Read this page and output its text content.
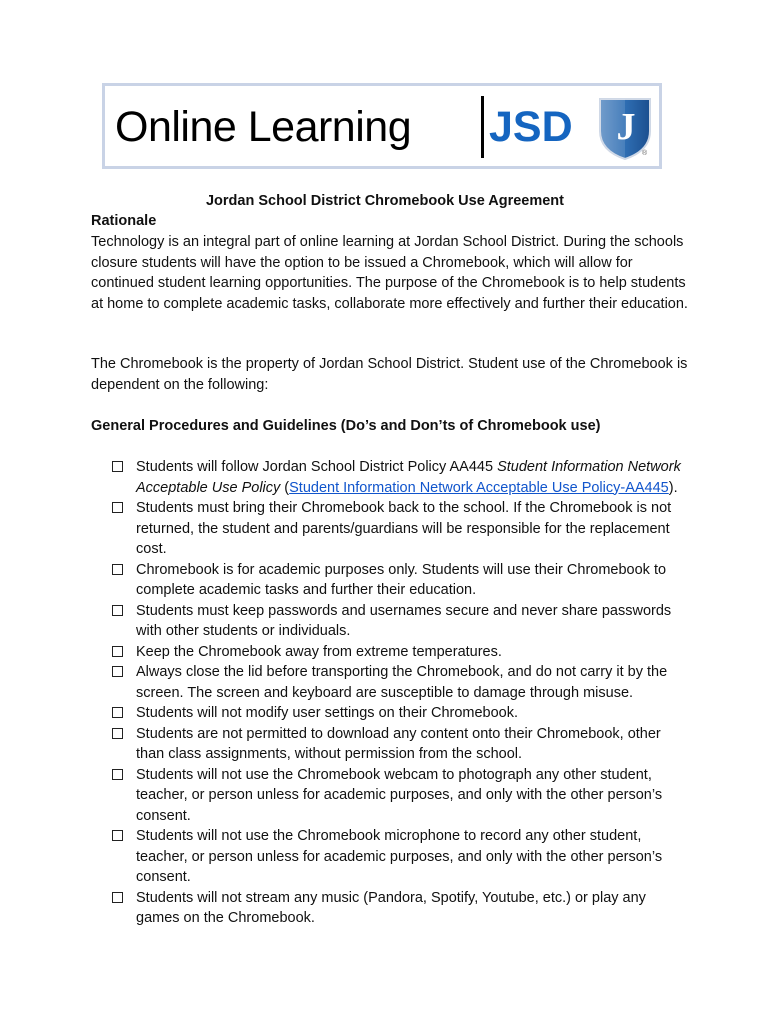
Online Learning JSD J
®
Jordan School District Chromebook Use Agreement
Rationale

Technology is an integral part of online learning at Jordan School District. During the schools closure students will have the option to be issued a Chromebook, which will allow for continued student learning opportunities. The purpose of the Chromebook is to help students at home to complete academic tasks, collaborate more effectively and further their education.

The Chromebook is the property of Jordan School District. Student use of the Chromebook is dependent on the following:

General Procedures and Guidelines (Do’s and Don’ts of Chromebook use)
Students will follow Jordan School District Policy AA445 Student Information Network Acceptable Use Policy (Student Information Network Acceptable Use Policy-AA445).
Students must bring their Chromebook back to the school. If the Chromebook is not returned, the student and parents/guardians will be responsible for the replacement cost.
Chromebook is for academic purposes only. Students will use their Chromebook to complete academic tasks and further their education.
Students must keep passwords and usernames secure and never share passwords with other students or individuals.
Keep the Chromebook away from extreme temperatures.
Always close the lid before transporting the Chromebook, and do not carry it by the screen. The screen and keyboard are susceptible to damage through misuse.
Students will not modify user settings on their Chromebook.
Students are not permitted to download any content onto their Chromebook, other than class assignments, without permission from the school.
Students will not use the Chromebook webcam to photograph any other student, teacher, or person unless for academic purposes, and only with the other person’s consent.
Students will not use the Chromebook microphone to record any other student, teacher, or person unless for academic purposes, and only with the other person’s consent.
Students will not stream any music (Pandora, Spotify, Youtube, etc.) or play any games on the Chromebook.
